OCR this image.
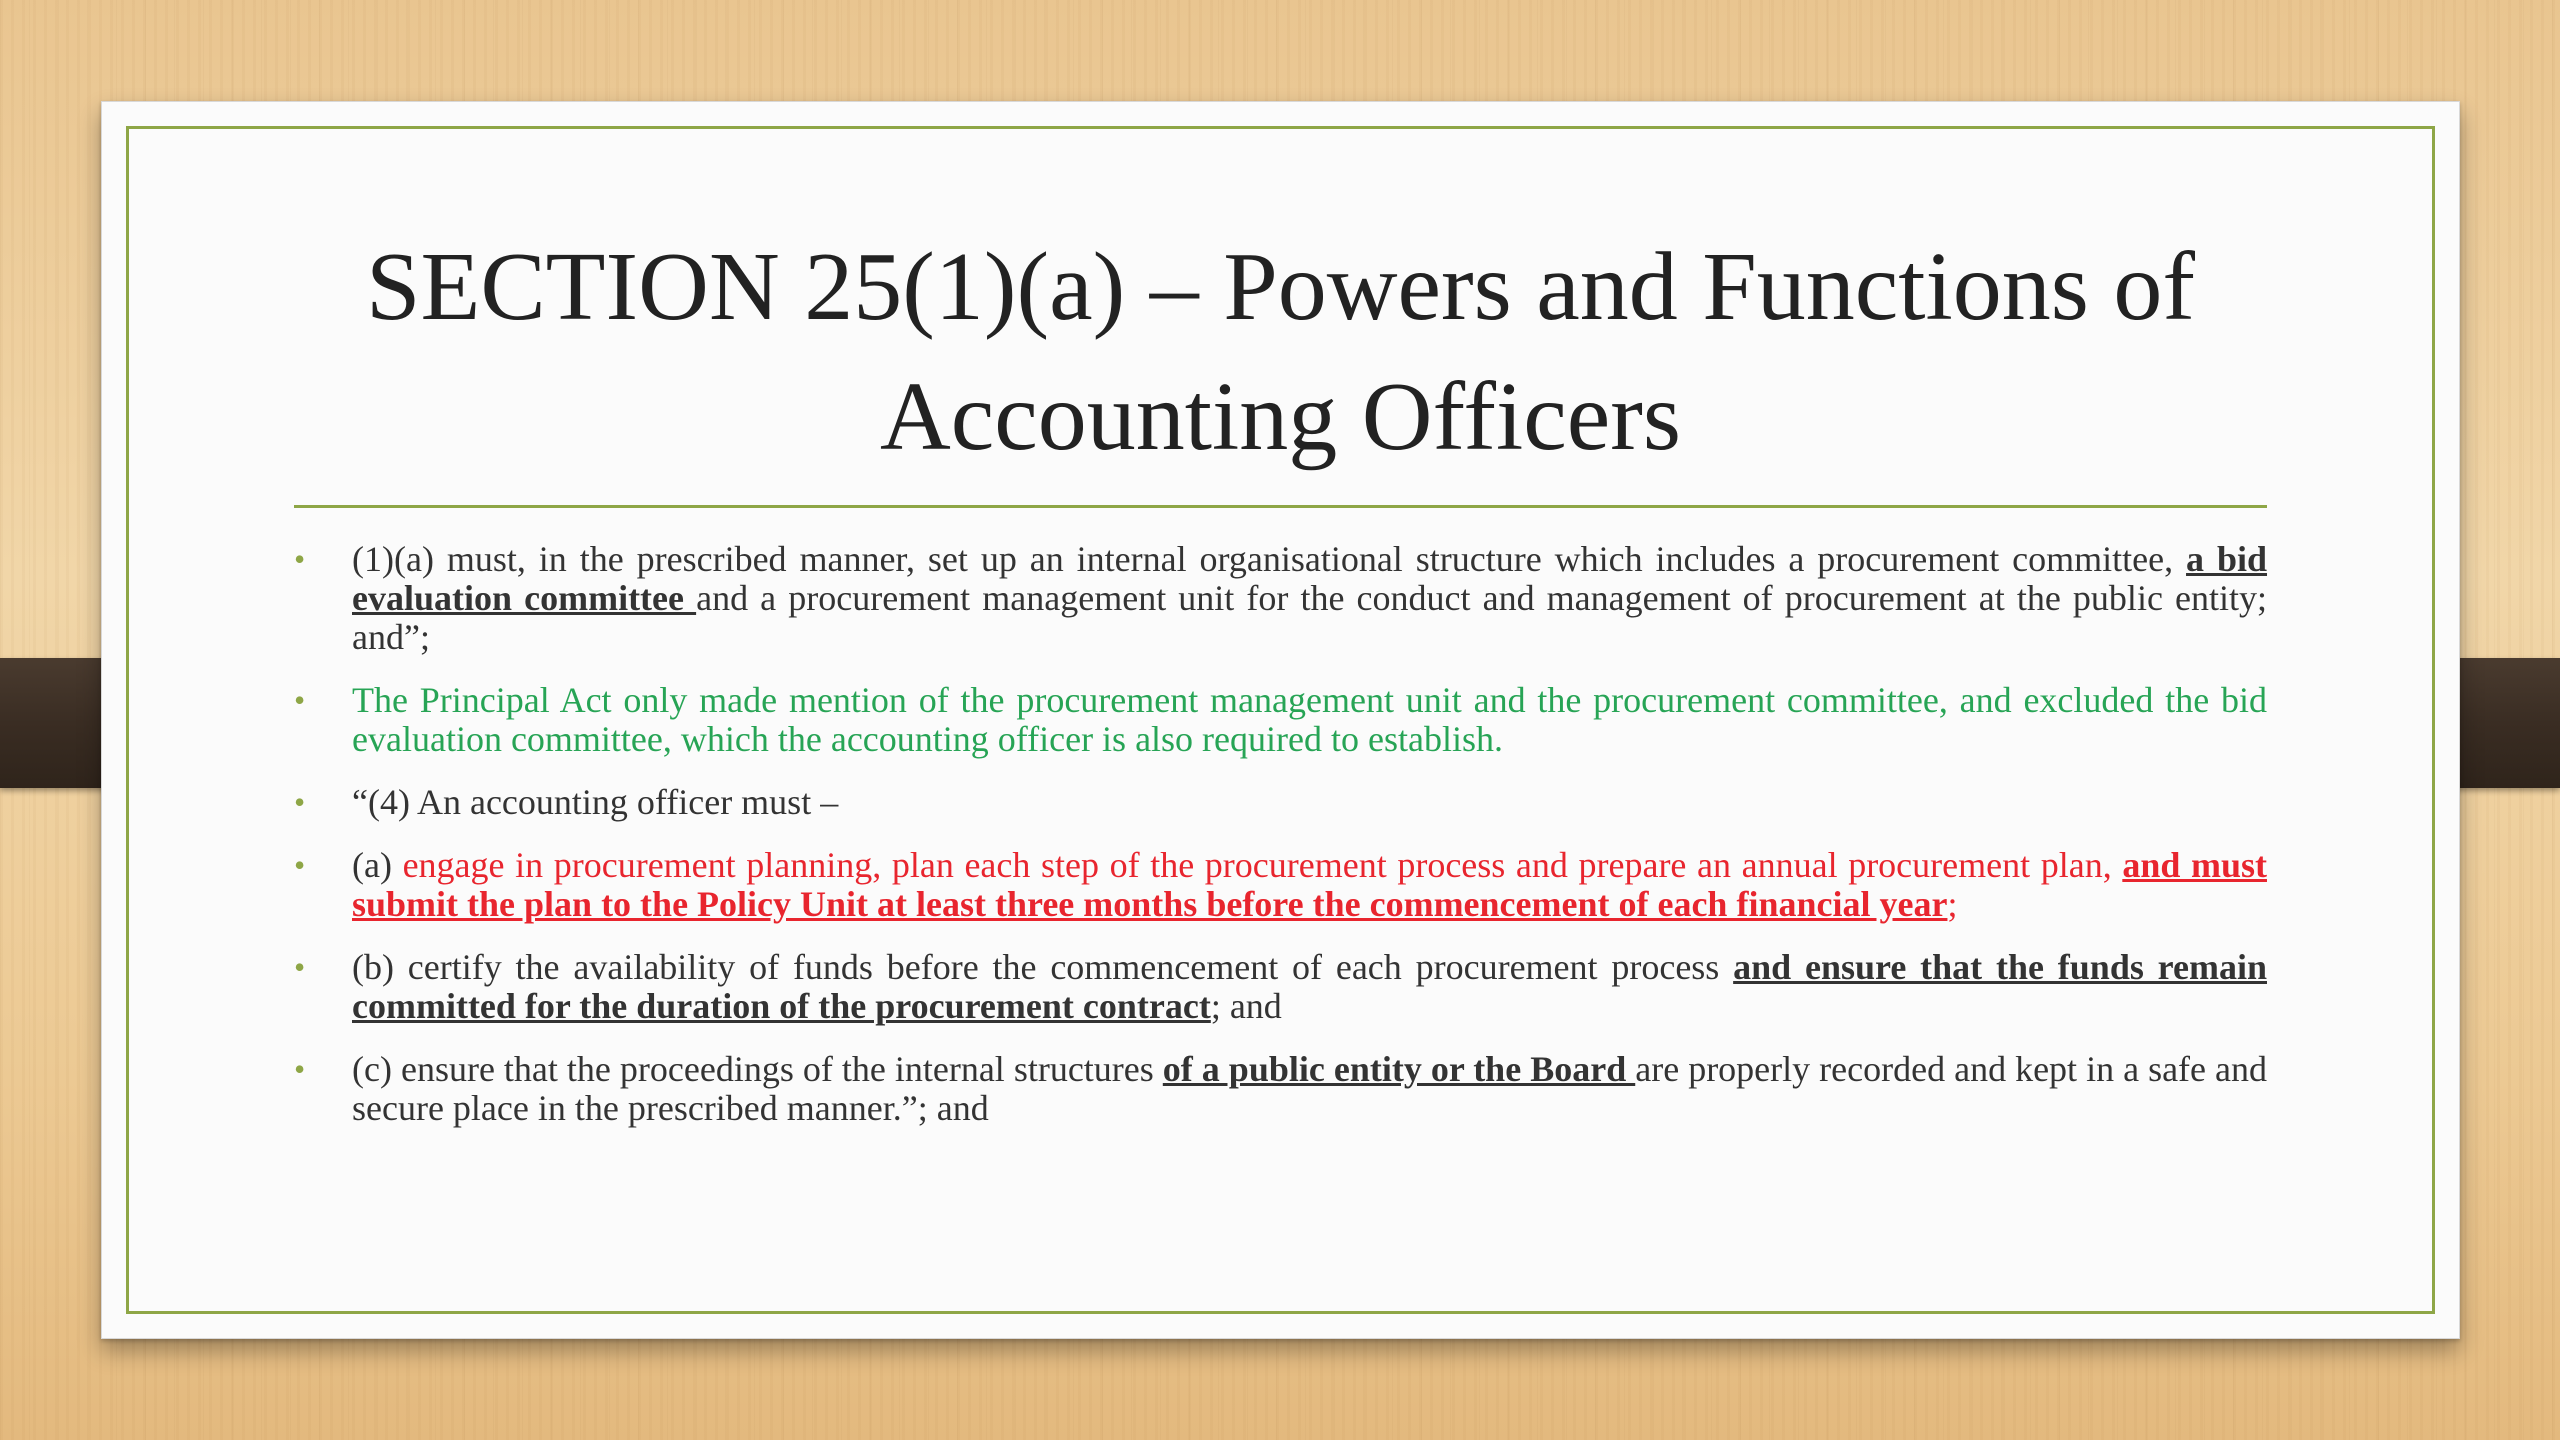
SECTION 25(1)(a) – Powers and Functions of Accounting Officers
• (1)(a) must, in the prescribed manner, set up an internal organisational structure which includes a procurement committee, a bid evaluation committee and a procurement management unit for the conduct and management of procurement at the public entity; and”;
• The Principal Act only made mention of the procurement management unit and the procurement committee, and excluded the bid evaluation committee, which the accounting officer is also required to establish.
• “(4) An accounting officer must –
• (a) engage in procurement planning, plan each step of the procurement process and prepare an annual procurement plan, and must submit the plan to the Policy Unit at least three months before the commencement of each financial year;
• (b) certify the availability of funds before the commencement of each procurement process and ensure that the funds remain committed for the duration of the procurement contract; and
• (c) ensure that the proceedings of the internal structures of a public entity or the Board are properly recorded and kept in a safe and secure place in the prescribed manner.”; and
